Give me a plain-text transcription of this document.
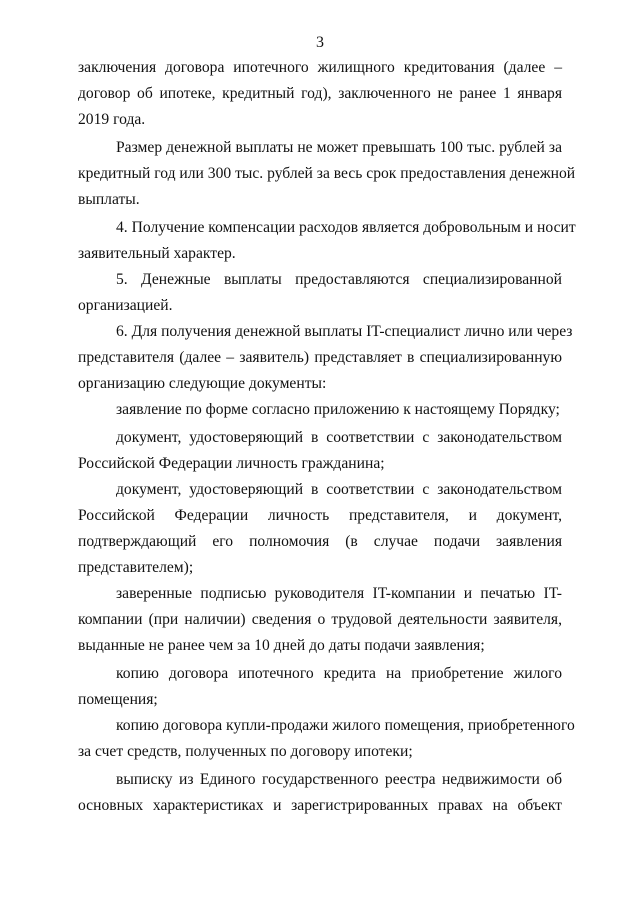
3
заключения договора ипотечного жилищного кредитования (далее –
договор об ипотеке, кредитный год), заключенного не ранее 1 января
2019 года.
Размер денежной выплаты не может превышать 100 тыс. рублей за
кредитный год или 300 тыс. рублей за весь срок предоставления денежной
выплаты.
4. Получение компенсации расходов является добровольным и носит
заявительный характер.
5. Денежные выплаты предоставляются специализированной
организацией.
6. Для получения денежной выплаты IT-специалист лично или через
представителя (далее – заявитель) представляет в специализированную
организацию следующие документы:
заявление по форме согласно приложению к настоящему Порядку;
документ, удостоверяющий в соответствии с законодательством
Российской Федерации личность гражданина;
документ, удостоверяющий в соответствии с законодательством
Российской Федерации личность представителя, и документ,
подтверждающий его полномочия (в случае подачи заявления
представителем);
заверенные подписью руководителя IT-компании и печатью IT-
компании (при наличии) сведения о трудовой деятельности заявителя,
выданные не ранее чем за 10 дней до даты подачи заявления;
копию договора ипотечного кредита на приобретение жилого
помещения;
копию договора купли-продажи жилого помещения, приобретенного
за счет средств, полученных по договору ипотеки;
выписку из Единого государственного реестра недвижимости об
основных характеристиках и зарегистрированных правах на объект
